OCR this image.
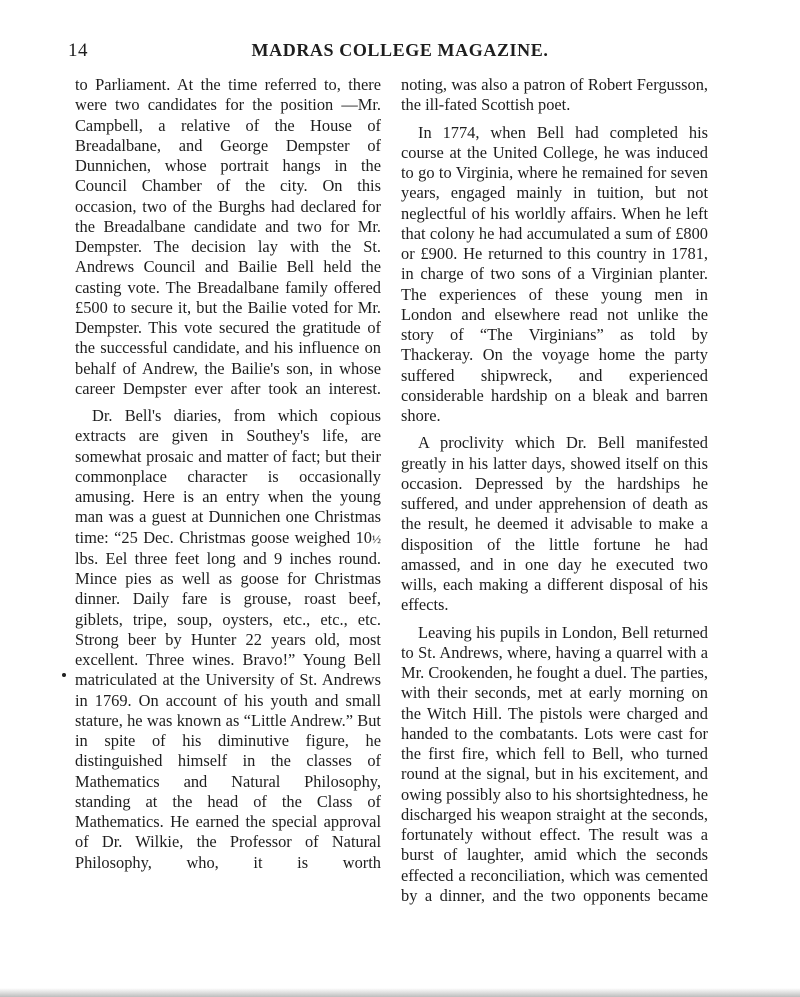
14	MADRAS COLLEGE MAGAZINE.

to Parliament. At the time referred to, there were two candidates for the position —Mr. Campbell, a relative of the House of Breadalbane, and George Dempster of Dunnichen, whose portrait hangs in the Council Chamber of the city. On this occasion, two of the Burghs had declared for the Breadalbane candidate and two for Mr. Dempster. The decision lay with the St. Andrews Council and Bailie Bell held the casting vote. The Breadalbane family offered £500 to secure it, but the Bailie voted for Mr. Dempster. This vote secured the gratitude of the successful candidate, and his influence on behalf of Andrew, the Bailie's son, in whose career Dempster ever after took an interest.

Dr. Bell's diaries, from which copious extracts are given in Southey's life, are somewhat prosaic and matter of fact; but their commonplace character is occasionally amusing. Here is an entry when the young man was a guest at Dunnichen one Christmas time: “25 Dec. Christmas goose weighed 10½ lbs. Eel three feet long and 9 inches round. Mince pies as well as goose for Christmas dinner. Daily fare is grouse, roast beef, giblets, tripe, soup, oysters, etc., etc., etc. Strong beer by Hunter 22 years old, most excellent. Three wines. Bravo!” Young Bell matriculated at the University of St. Andrews in 1769. On account of his youth and small stature, he was known as “Little Andrew.” But in spite of his diminutive figure, he distinguished himself in the classes of Mathematics and Natural Philosophy, standing at the head of the Class of Mathematics. He earned the special approval of Dr. Wilkie, the Professor of Natural Philosophy, who, it is worth

noting, was also a patron of Robert Fergusson, the ill-fated Scottish poet.

In 1774, when Bell had completed his course at the United College, he was induced to go to Virginia, where he remained for seven years, engaged mainly in tuition, but not neglectful of his worldly affairs. When he left that colony he had accumulated a sum of £800 or £900. He returned to this country in 1781, in charge of two sons of a Virginian planter. The experiences of these young men in London and elsewhere read not unlike the story of “The Virginians” as told by Thackeray. On the voyage home the party suffered shipwreck, and experienced considerable hardship on a bleak and barren shore.

A proclivity which Dr. Bell manifested greatly in his latter days, showed itself on this occasion. Depressed by the hardships he suffered, and under apprehension of death as the result, he deemed it advisable to make a disposition of the little fortune he had amassed, and in one day he executed two wills, each making a different disposal of his effects.

Leaving his pupils in London, Bell returned to St. Andrews, where, having a quarrel with a Mr. Crookenden, he fought a duel. The parties, with their seconds, met at early morning on the Witch Hill. The pistols were charged and handed to the combatants. Lots were cast for the first fire, which fell to Bell, who turned round at the signal, but in his excitement, and owing possibly also to his shortsightedness, he discharged his weapon straight at the seconds, fortunately without effect. The result was a burst of laughter, amid which the seconds effected a reconciliation, which was cemented by a dinner, and the two opponents became
